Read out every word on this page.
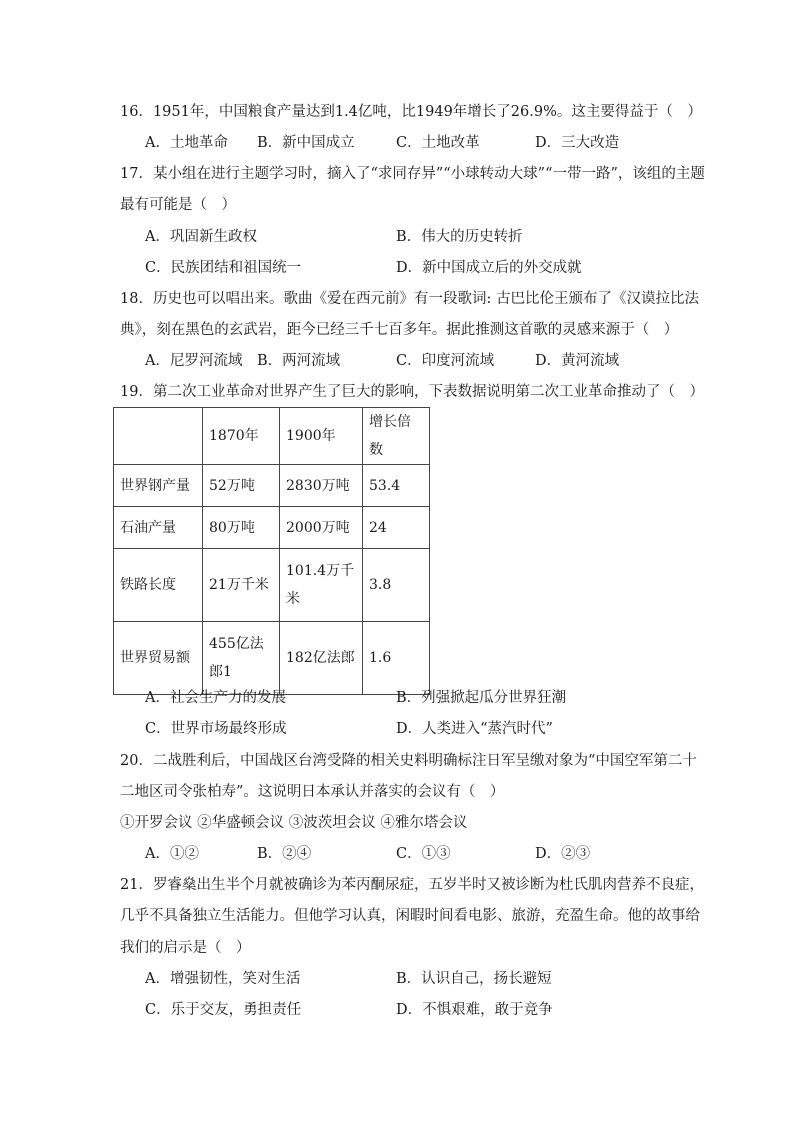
16．1951年，中国粮食产量达到1.4亿吨，比1949年增长了26.9%。这主要得益于（　）
A．土地革命 B．新中国成立	C．土地改革	D．三大改造
17．某小组在进行主题学习时，摘入了“求同存异”“小球转动大球”“一带一路”，该组的主题
最有可能是（　）
A．巩固新生政权	B．伟大的历史转折
C．民族团结和祖国统一	D．新中国成立后的外交成就
18．历史也可以唱出来。歌曲《爱在西元前》有一段歌词: 古巴比伦王颁布了《汉谟拉比法
典》，刻在黑色的玄武岩，距今已经三千七百多年。据此推测这首歌的灵感来源于（　）
A．尼罗河流域 B．两河流域	C．印度河流域	D．黄河流域
19．第二次工业革命对世界产生了巨大的影响，下表数据说明第二次工业革命推动了（　）
	1870年	1900年	增长倍数
世界钢产量	52万吨	2830万吨	53.4
石油产量	80万吨	2000万吨	24
铁路长度	21万千米	101.4万千米	3.8
世界贸易额	455亿法郎1	182亿法郎	1.6
A．社会生产力的发展	B．列强掀起瓜分世界狂潮
C．世界市场最终形成	D．人类进入“蒸汽时代”
20．二战胜利后，中国战区台湾受降的相关史料明确标注日军呈缴对象为“中国空军第二十
二地区司令张柏寿”。这说明日本承认并落实的会议有（　）
①开罗会议 ②华盛顿会议 ③波茨坦会议 ④雅尔塔会议
A．①②	B．②④	C．①③	D．②③
21．罗睿燊出生半个月就被确诊为苯丙酮尿症，五岁半时又被诊断为杜氏肌肉营养不良症，
几乎不具备独立生活能力。但他学习认真，闲暇时间看电影、旅游，充盈生命。他的故事给
我们的启示是（　）
A．增强韧性，笑对生活	B．认识自己，扬长避短
C．乐于交友，勇担责任	D．不惧艰难，敢于竞争
